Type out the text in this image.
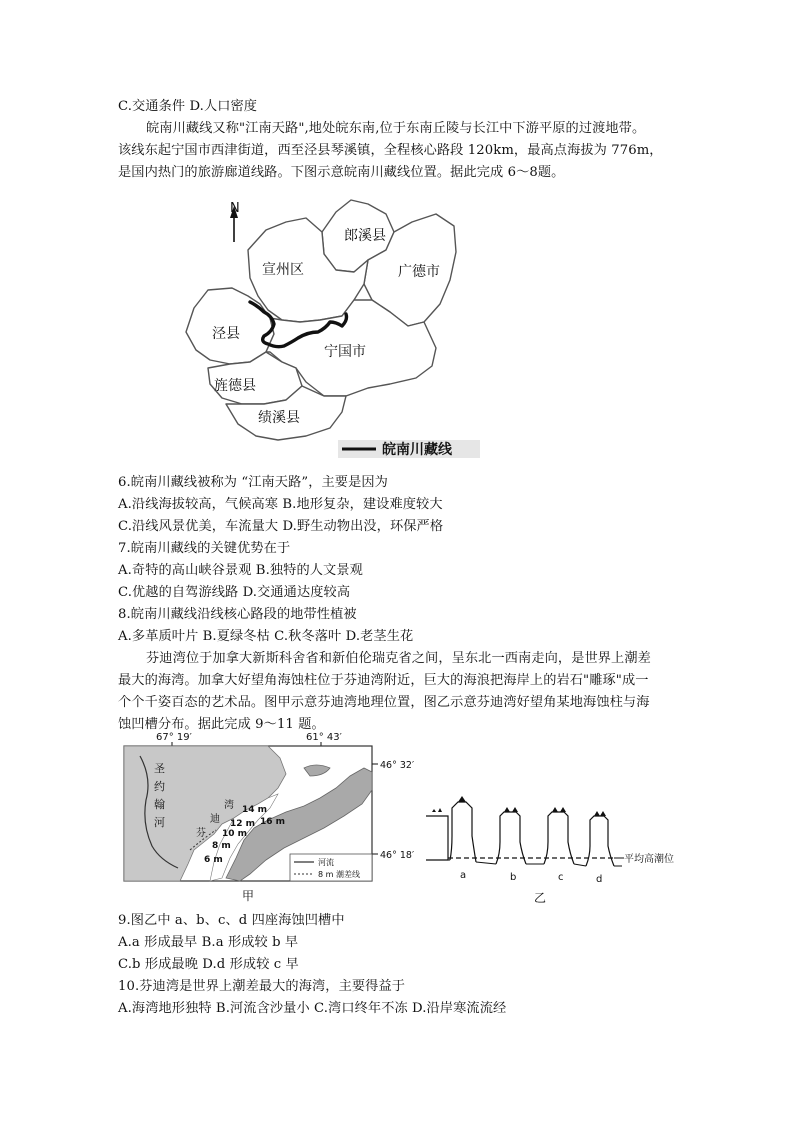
C.交通条件 D.人口密度
皖南川藏线又称"江南天路",地处皖东南,位于东南丘陵与长江中下游平原的过渡地带。
该线东起宁国市西津街道，西至泾县琴溪镇，全程核心路段 120km，最高点海拔为 776m，
是国内热门的旅游廊道线路。下图示意皖南川藏线位置。据此完成 6～8题。
N
郎溪县
宣州区	广德市
泾县
宁国市
旌德县
绩溪县
皖南川藏线
6.皖南川藏线被称为 “江南天路”，主要是因为
A.沿线海拔较高，气候高寒 B.地形复杂，建设难度较大
C.沿线风景优美，车流量大 D.野生动物出没，环保严格
7.皖南川藏线的关键优势在于
A.奇特的高山峡谷景观 B.独特的人文景观
C.优越的自驾游线路 D.交通通达度较高
8.皖南川藏线沿线核心路段的地带性植被
A.多革质叶片 B.夏绿冬枯 C.秋冬落叶 D.老茎生花
芬迪湾位于加拿大新斯科舍省和新伯伦瑞克省之间，呈东北一西南走向，是世界上潮差
最大的海湾。加拿大好望角海蚀柱位于芬迪湾附近，巨大的海浪把海岸上的岩石"雕琢"成一
个个千姿百态的艺术品。图甲示意芬迪湾地理位置，图乙示意芬迪湾好望角某地海蚀柱与海
蚀凹槽分布。据此完成 9～11 题。
67° 19′	61° 43′
46° 32′
46° 18′
圣
约
翰
河
芬
迪
湾 14 m
16 m
12 m
10 m
8 m
6 m	河流
8 m 潮差线
甲
平均高潮位
a	b	c	d
乙
9.图乙中 a、b、c、d 四座海蚀凹槽中
A.a 形成最早 B.a 形成较 b 早
C.b 形成最晚 D.d 形成较 c 早
10.芬迪湾是世界上潮差最大的海湾，主要得益于
A.海湾地形独特 B.河流含沙量小 C.湾口终年不冻 D.沿岸寒流流经
